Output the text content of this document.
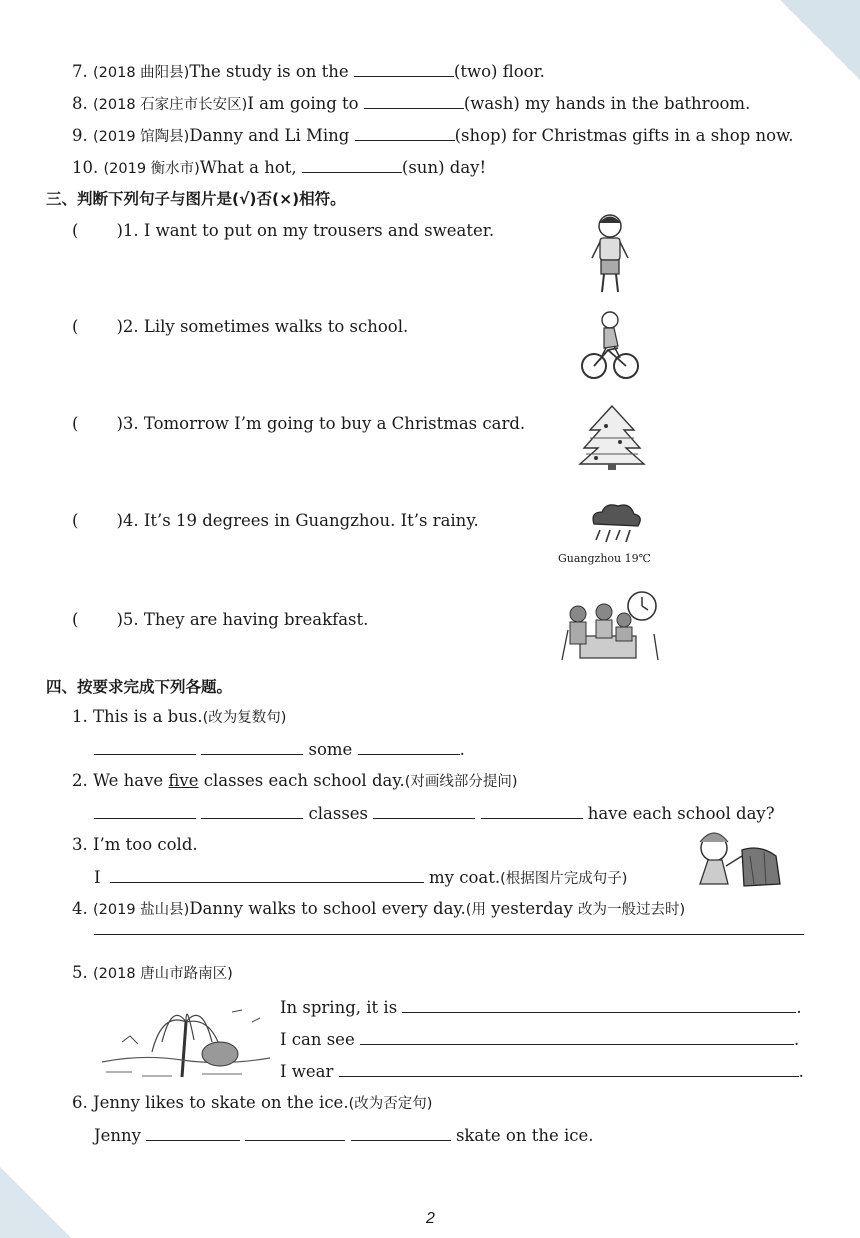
7. (2018 曲阳县)The study is on the	(two) floor.
8. (2018 石家庄市长安区)I am going to	(wash) my hands in the bathroom.
9. (2019 馆陶县)Danny and Li Ming	(shop) for Christmas gifts in a shop now.
10. (2019 衡水市)What a hot,	(sun) day!
三、判断下列句子与图片是(√)否(×)相符。
( )1. I want to put on my trousers and sweater.
( )2. Lily sometimes walks to school.
( )3. Tomorrow I’m going to buy a Christmas card.
( )4. It’s 19 degrees in Guangzhou. It’s rainy.
( )5. They are having breakfast.
Guangzhou 19℃
四、按要求完成下列各题。
1. This is a bus.(改为复数句)
some	.
2. We have five classes each school day.(对画线部分提问)
classes	have each school day?
3. I’m too cold.
I	my coat.(根据图片完成句子)
4. (2019 盐山县)Danny walks to school every day.(用 yesterday 改为一般过去时)
5. (2018 唐山市路南区)
In spring, it is	.
I can see	.
I wear	.
6. Jenny likes to skate on the ice.(改为否定句)
Jenny	skate on the ice.
2
